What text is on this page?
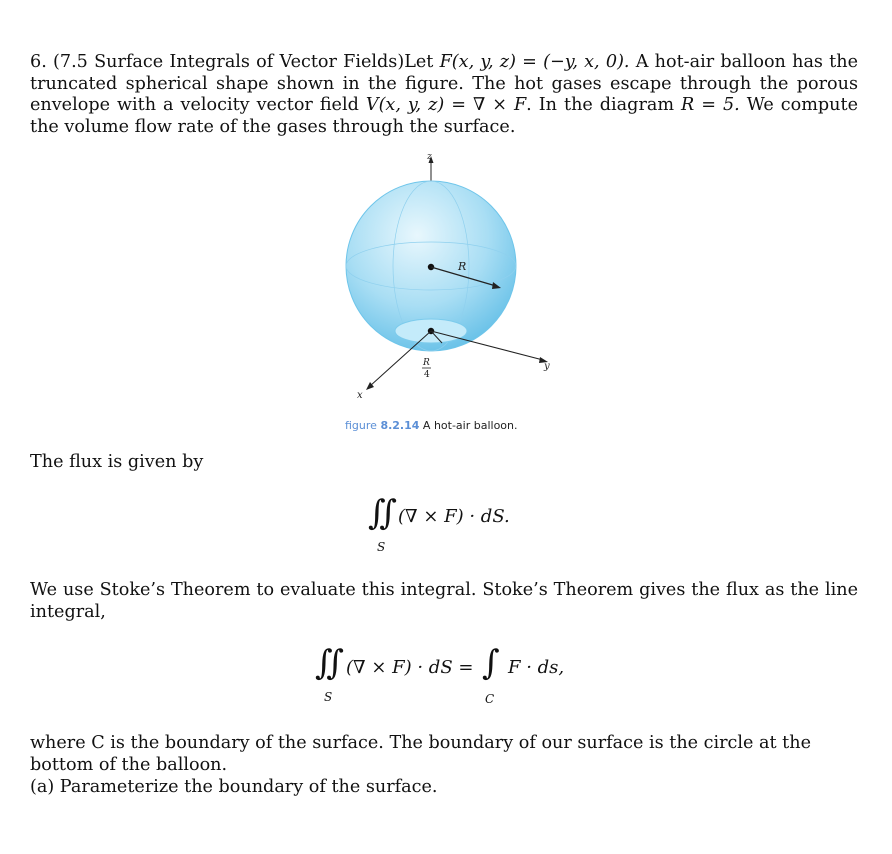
6. (7.5 Surface Integrals of Vector Fields)Let F(x, y, z) = (−y, x, 0). A hot-air balloon has the truncated spherical shape shown in the figure. The hot gases escape through the porous envelope with a velocity vector field V(x, y, z) = ∇ × F. In the diagram R = 5. We compute the volume flow rate of the gases through the surface.
R
y
x
z
R
4
figure 8.2.14 A hot-air balloon.
The flux is given by
∬ (∇ × F) · dS.
S
We use Stoke’s Theorem to evaluate this integral. Stoke’s Theorem gives the flux as the line integral,
∬ (∇ × F) · dS = ∫ F · ds,
S	C
where C is the boundary of the surface. The boundary of our surface is the circle at the
bottom of the balloon.
(a) Parameterize the boundary of the surface.
